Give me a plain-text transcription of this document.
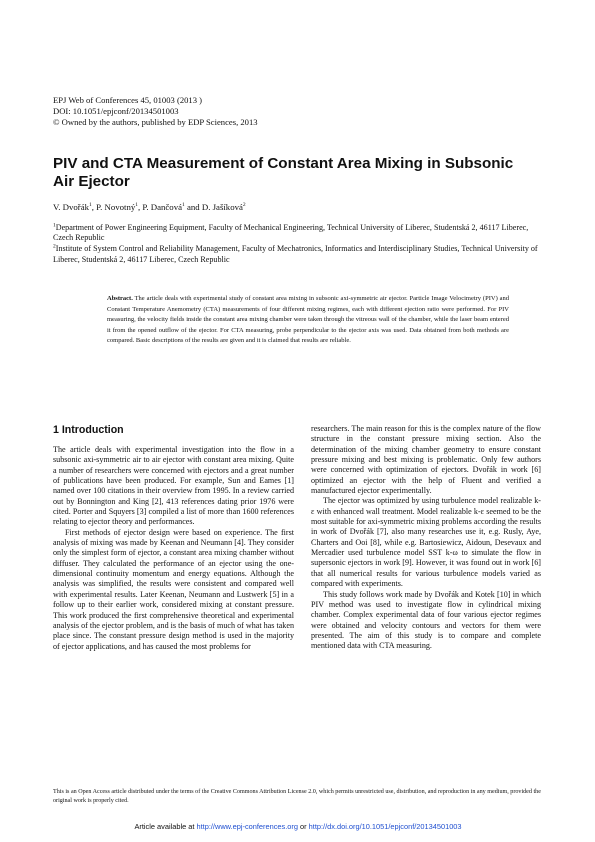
EPJ Web of Conferences 45, 01003 (2013 )
DOI: 10.1051/epjconf/20134501003
© Owned by the authors, published by EDP Sciences, 2013
PIV and CTA Measurement of Constant Area Mixing in Subsonic Air Ejector
V. Dvořák$^1$, P. Novotný$^1$, P. Dančová$^1$ and D. Jašíková$^2$
$^1$Department of Power Engineering Equipment, Faculty of Mechanical Engineering, Technical University of Liberec, Studentská 2, 46117 Liberec, Czech Republic
$^2$Institute of System Control and Reliability Management, Faculty of Mechatronics, Informatics and Interdisciplinary Studies, Technical University of Liberec, Studentská 2, 46117 Liberec, Czech Republic
Abstract. The article deals with experimental study of constant area mixing in subsonic axi-symmetric air ejector. Particle Image Velocimetry (PIV) and Constant Temperature Anemometry (CTA) measurements of four different mixing regimes, each with different ejection ratio were performed. For PIV measuring, the velocity fields inside the constant area mixing chamber were taken through the vitreous wall of the chamber, while the laser beam entered it from the opened outflow of the ejector. For CTA measuring, probe perpendicular to the ejector axis was used. Data obtained from both methods are compared. Basic descriptions of the results are given and it is claimed that results are reliable.
1 Introduction

The article deals with experimental investigation into the flow in a subsonic axi-symmetric air to air ejector with constant area mixing. Quite a number of researchers were concerned with ejectors and a great number of publications have been produced. For example, Sun and Eames [1] named over 100 citations in their overview from 1995. In a review carried out by Bonnington and King [2], 413 references dating prior 1976 were cited. Porter and Squyers [3] compiled a list of more than 1600 references relating to ejector theory and performances.

First methods of ejector design were based on experience. The first analysis of mixing was made by Keenan and Neumann [4]. They consider only the simplest form of ejector, a constant area mixing chamber without diffuser. They calculated the performance of an ejector using the one-dimensional continuity momentum and energy equations. Although the analysis was simplified, the results were consistent and compared well with experimental results. Later Keenan, Neumann and Lustwerk [5] in a follow up to their earlier work, considered mixing at constant pressure. This work produced the first comprehensive theoretical and experimental analysis of the ejector problem, and is the basis of much of what has taken place since. The constant pressure design method is used in the majority of ejector applications, and has caused the most problems for

researchers. The main reason for this is the complex nature of the flow structure in the constant pressure mixing section. Also the determination of the mixing chamber geometry to ensure constant pressure mixing and best mixing is problematic. Only few authors were concerned with optimization of ejectors. Dvořák in work [6] optimized an ejector with the help of Fluent and verified a manufactured ejector experimentally.

The ejector was optimized by using turbulence model realizable k-ε with enhanced wall treatment. Model realizable k-ε seemed to be the most suitable for axi-symmetric mixing problems according the results in work of Dvořák [7], also many researches use it, e.g. Rusly, Aye, Charters and Ooi [8], while e.g. Bartosiewicz, Aidoun, Desevaux and Mercadier used turbulence model SST k-ω to simulate the flow in supersonic ejectors in work [9]. However, it was found out in work [6] that all numerical results for various turbulence models varied as compared with experiments.

This study follows work made by Dvořák and Kotek [10] in which PIV method was used to investigate flow in cylindrical mixing chamber. Complex experimental data of four various ejector regimes were obtained and velocity contours and vectors for them were presented. The aim of this study is to compare and complete mentioned data with CTA measuring.

This is an Open Access article distributed under the terms of the Creative Commons Attribution License 2.0, which permits unrestricted use, distribution, and reproduction in any medium, provided the original work is properly cited.
Article available at http://www.epj-conferences.org or http://dx.doi.org/10.1051/epjconf/20134501003
